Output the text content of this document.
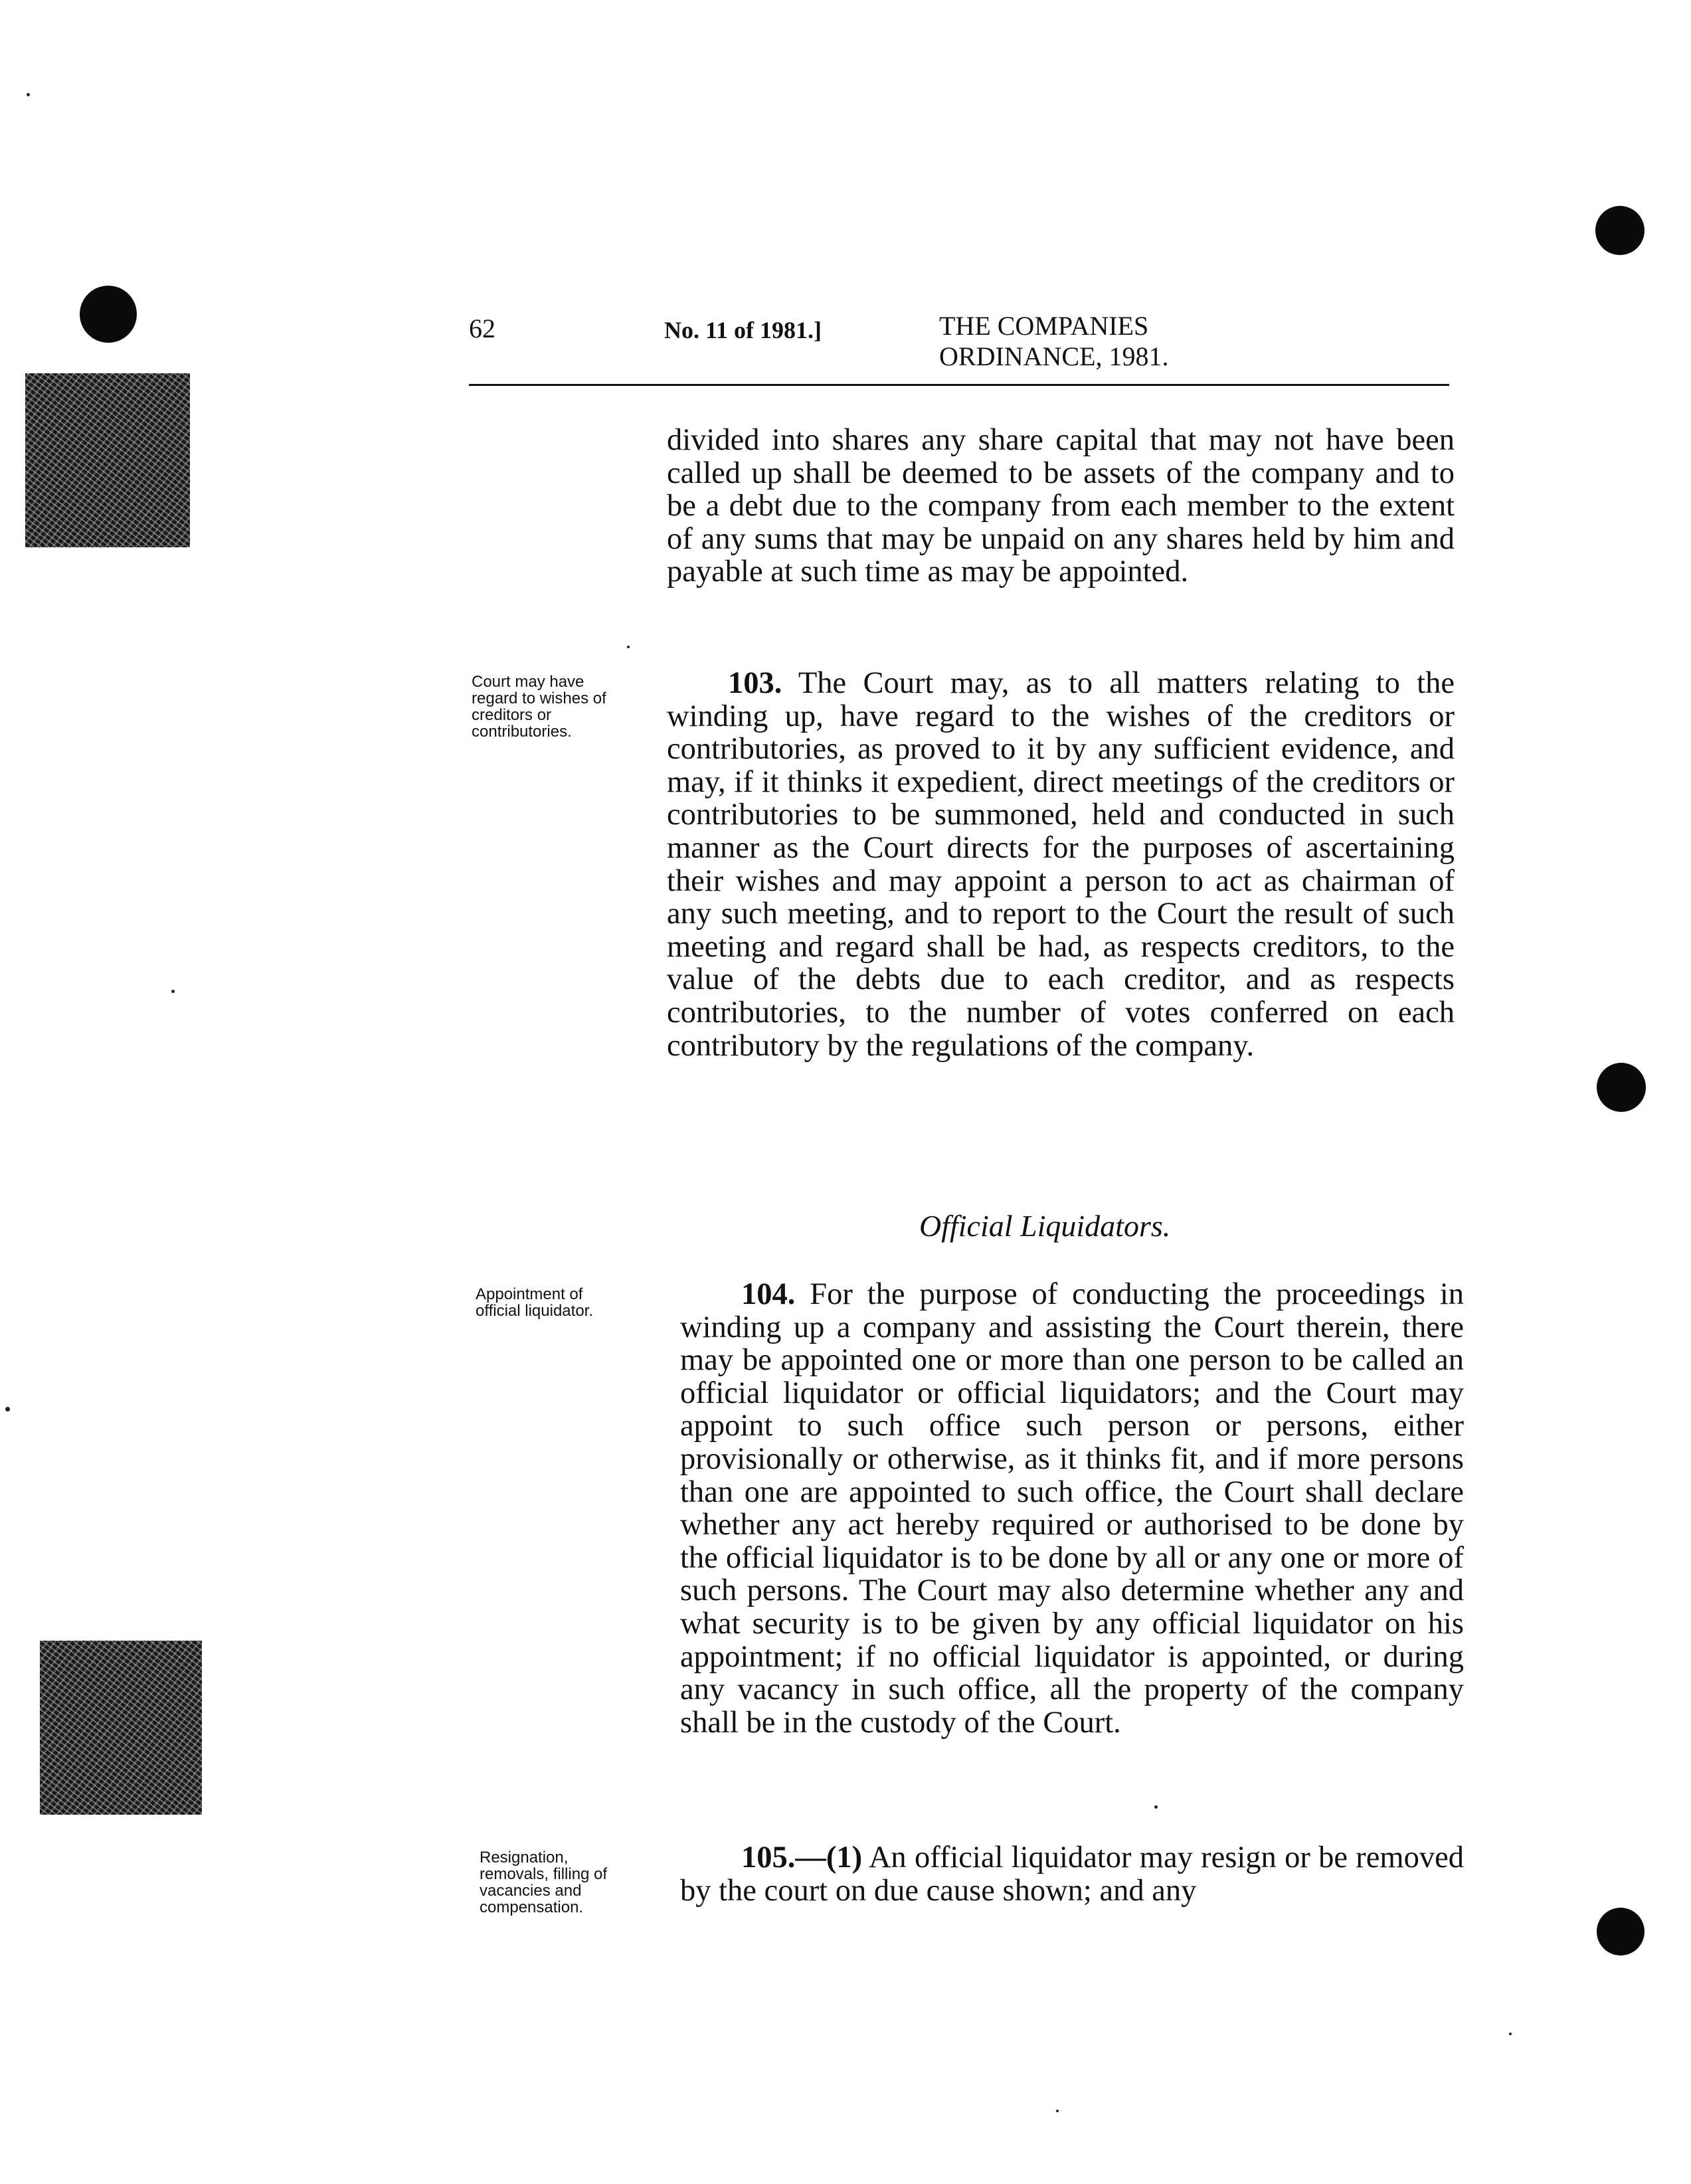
62	No. 11 of 1981.]	THE COMPANIES
ORDINANCE, 1981.

divided into shares any share capital that may not have been called up shall be deemed to be assets of the company and to be a debt due to the company from each member to the extent of any sums that may be unpaid on any shares held by him and payable at such time as may be appointed.

Court may have regard to wishes of creditors or contributories.

103. The Court may, as to all matters relating to the winding up, have regard to the wishes of the creditors or contributories, as proved to it by any sufficient evidence, and may, if it thinks it expedient, direct meetings of the creditors or contributories to be summoned, held and conducted in such manner as the Court directs for the purposes of ascertaining their wishes and may appoint a person to act as chairman of any such meeting, and to report to the Court the result of such meeting and regard shall be had, as respects creditors, to the value of the debts due to each creditor, and as respects contributories, to the number of votes conferred on each contributory by the regulations of the company.

Official Liquidators.

Appointment of official liquidator.	104. For the purpose of conducting the proceedings in winding up a company and assisting the Court therein, there may be appointed one or more than one person to be called an official liquidator or official liquidators; and the Court may appoint to such office such person or persons, either provisionally or otherwise, as it thinks fit, and if more persons than one are appointed to such office, the Court shall declare whether any act hereby required or authorised to be done by the official liquidator is to be done by all or any one or more of such persons. The Court may also determine whether any and what security is to be given by any official liquidator on his appointment; if no official liquidator is appointed, or during any vacancy in such office, all the property of the company shall be in the custody of the Court.

Resignation, removals, filling of vacancies and compensation.

105.—(1) An official liquidator may resign or be removed by the court on due cause shown; and any
